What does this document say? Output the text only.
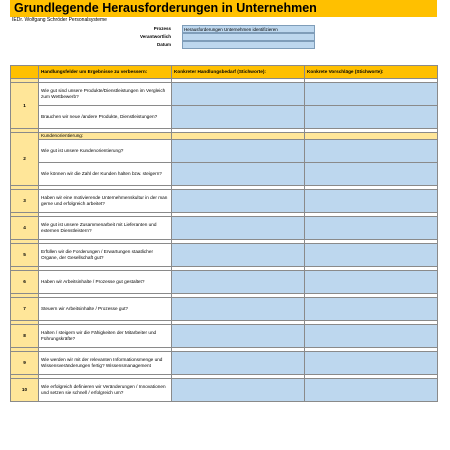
Grundlegende Herausforderungen in Unternehmen
IEDr. Wolfgang Schröder Personalsysteme
Prozess	Herausforderungen Unternehmen identifizieren
Verantwortlich
Datum
	Handlungsfelder um Ergebnisse zu verbessern:	Konkreter Handlungsbedarf (Stichworte):	Konkrete Vorschläge (Stichworte):

1	Wie gut sind unsere Produkte/Dienstleistungen im Vergleich zum Wettbewerb?		
	Brauchen wir neue /andere Produkte, Dienstleistungen?		

2	Kundenorientierung:		
	Wie gut ist unsere Kundenorientierung?		
	Wie können wir die Zahl der Kunden halten bzw. steigern?		

3	Haben wir eine motivierende Unternehmenskultur in der man gerne und erfolgreich arbeitet?		

4	Wie gut ist unsere Zusammenarbeit mit Lieferanten und externen Dienstleistern?		

5	Erfüllen wir die Forderungen / Erwartungen staatlicher Organe, der Gesellschaft gut?		

6	Haben wir Arbeitsinhalte / Prozesse gut gestaltet?		

7	Steuern wir Arbeitsinhalte / Prozesse gut?		

8	Halten / steigern wir die Fähigkeiten der Mitarbeiter und Führungskräfte?		

9	Wie werden wir mit der relevanten Informationsmenge und Wissensveränderungen fertig? Wissensmanagement		

10	Wie erfolgreich definieren wir Veränderungen / Innovationen und setzen sie schnell / erfolgreich um?		
